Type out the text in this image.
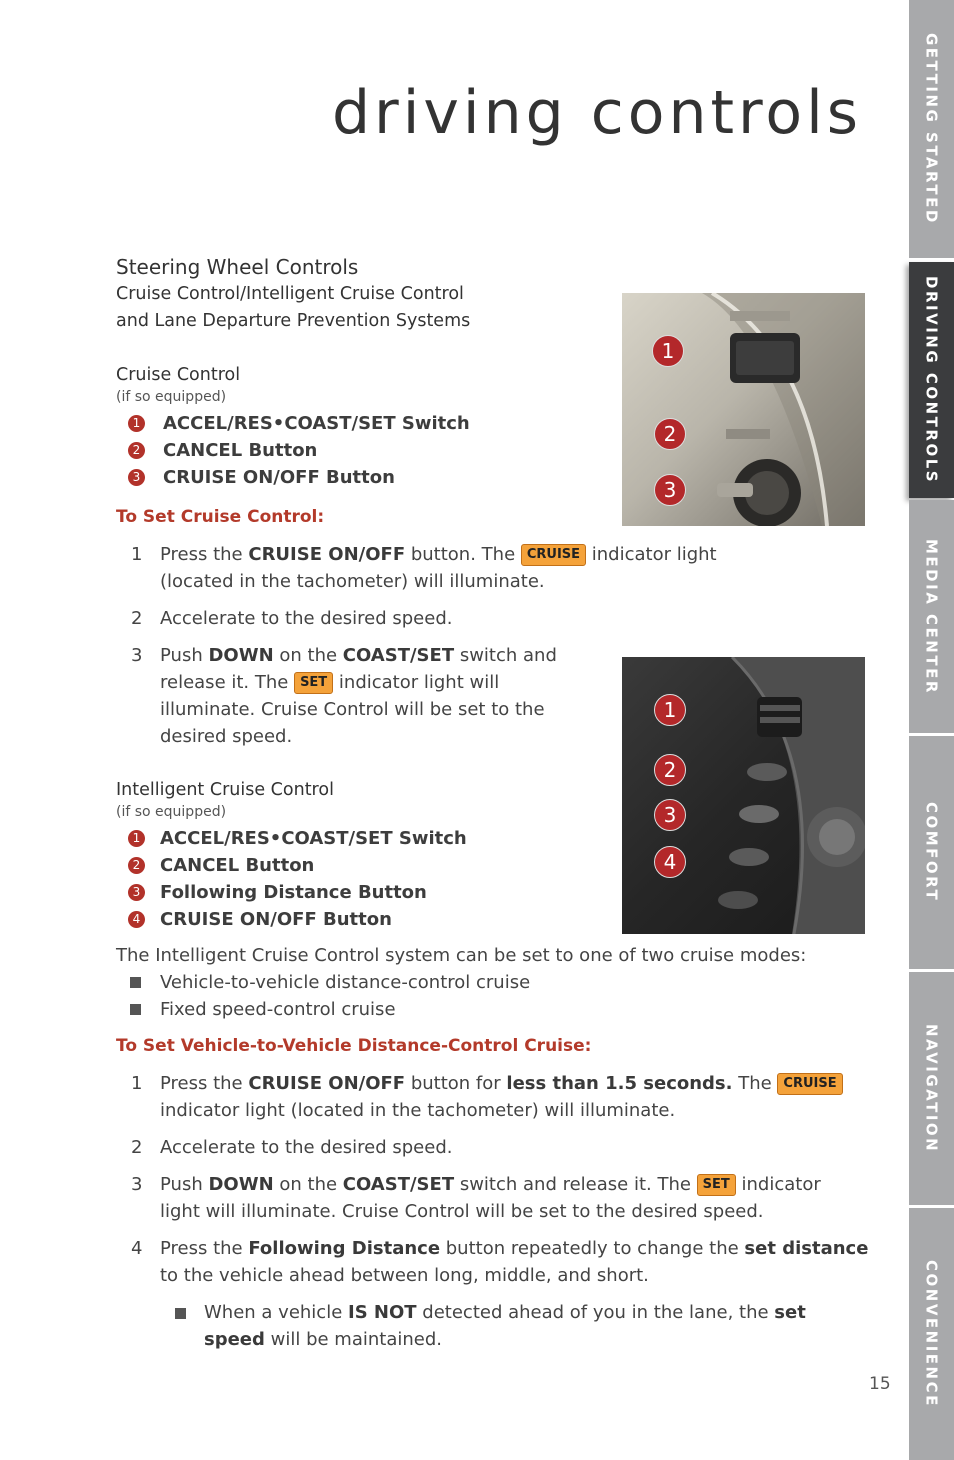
driving controls	GETTING STARTED
DRIVING CONTROLS
MEDIA CENTER
COMFORT
NAVIGATION
CONVENIENCE
Steering Wheel Controls
Cruise Control/Intelligent Cruise Control
and Lane Departure Prevention Systems
Cruise Control
(if so equipped)
1 ACCEL/RES•COAST/SET Switch
2 CANCEL Button
3 CRUISE ON/OFF Button
To Set Cruise Control:
1 Press the CRUISE ON/OFF button. The CRUISE indicator light
(located in the tachometer) will illuminate.
2 Accelerate to the desired speed.
3 Push DOWN on the COAST/SET switch and
release it. The SET indicator light will
illuminate. Cruise Control will be set to the
desired speed.
Intelligent Cruise Control
(if so equipped)
1 ACCEL/RES•COAST/SET Switch
2 CANCEL Button
3 Following Distance Button
4 CRUISE ON/OFF Button
The Intelligent Cruise Control system can be set to one of two cruise modes:
Vehicle-to-vehicle distance-control cruise
Fixed speed-control cruise
To Set Vehicle-to-Vehicle Distance-Control Cruise:
1 Press the CRUISE ON/OFF button for less than 1.5 seconds. The CRUISE
indicator light (located in the tachometer) will illuminate.
2 Accelerate to the desired speed.
3 Push DOWN on the COAST/SET switch and release it. The SET indicator
light will illuminate. Cruise Control will be set to the desired speed.
4 Press the Following Distance button repeatedly to change the set distance
to the vehicle ahead between long, middle, and short.
When a vehicle IS NOT detected ahead of you in the lane, the set
speed will be maintained.
1
2
3
1
2
3
4
15
